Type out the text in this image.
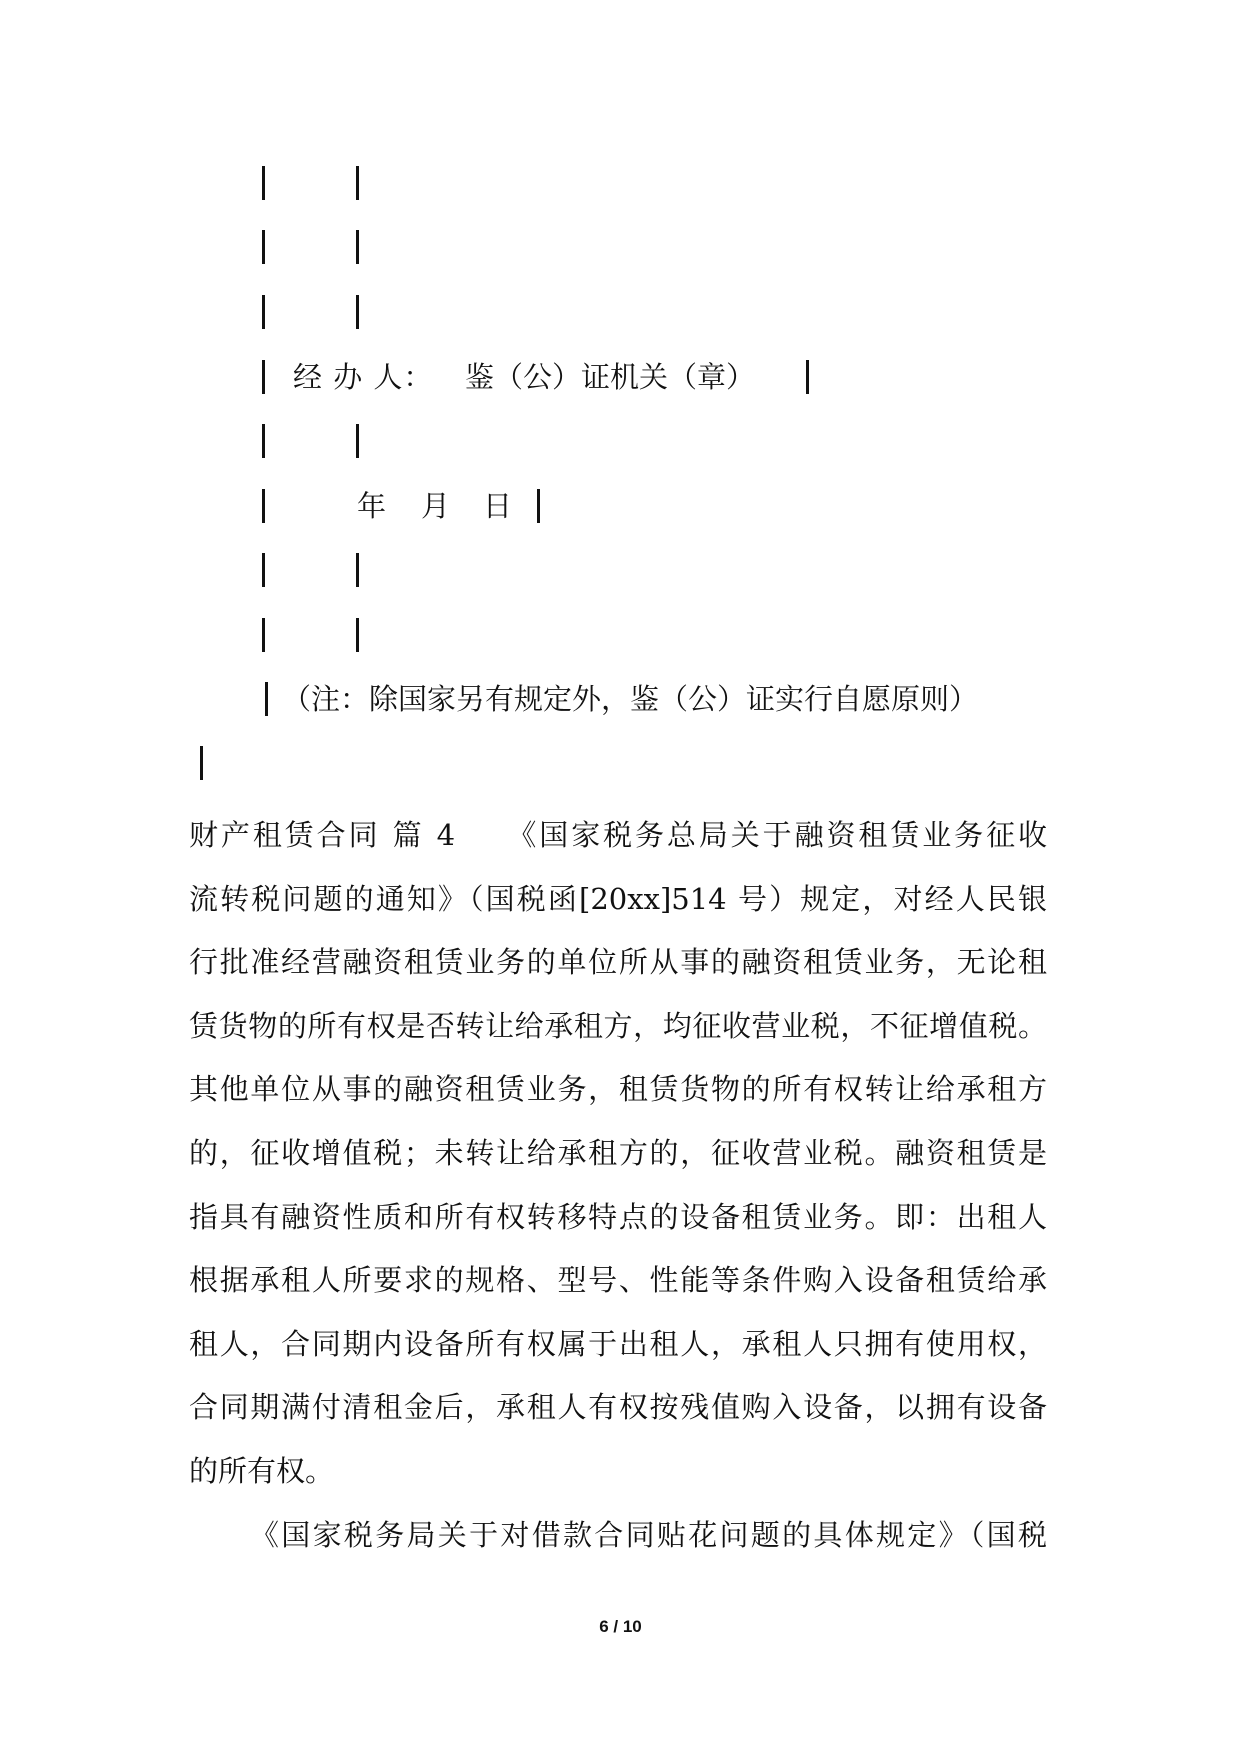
经 办 人： 鉴（公）证机关（章）
年 月 日
（注：除国家另有规定外，鉴（公）证实行自愿原则）
财产租赁合同 篇 4　　《国家税务总局关于融资租赁业务征收
流转税问题的通知》（国税函[20xx]514 号）规定，对经人民银
行批准经营融资租赁业务的单位所从事的融资租赁业务，无论租
赁货物的所有权是否转让给承租方，均征收营业税，不征增值税。
其他单位从事的融资租赁业务，租赁货物的所有权转让给承租方
的，征收增值税；未转让给承租方的，征收营业税。融资租赁是
指具有融资性质和所有权转移特点的设备租赁业务。即：出租人
根据承租人所要求的规格、型号、性能等条件购入设备租赁给承
租人，合同期内设备所有权属于出租人，承租人只拥有使用权，
合同期满付清租金后，承租人有权按残值购入设备，以拥有设备
的所有权。
《国家税务局关于对借款合同贴花问题的具体规定》（国税
6 / 10
